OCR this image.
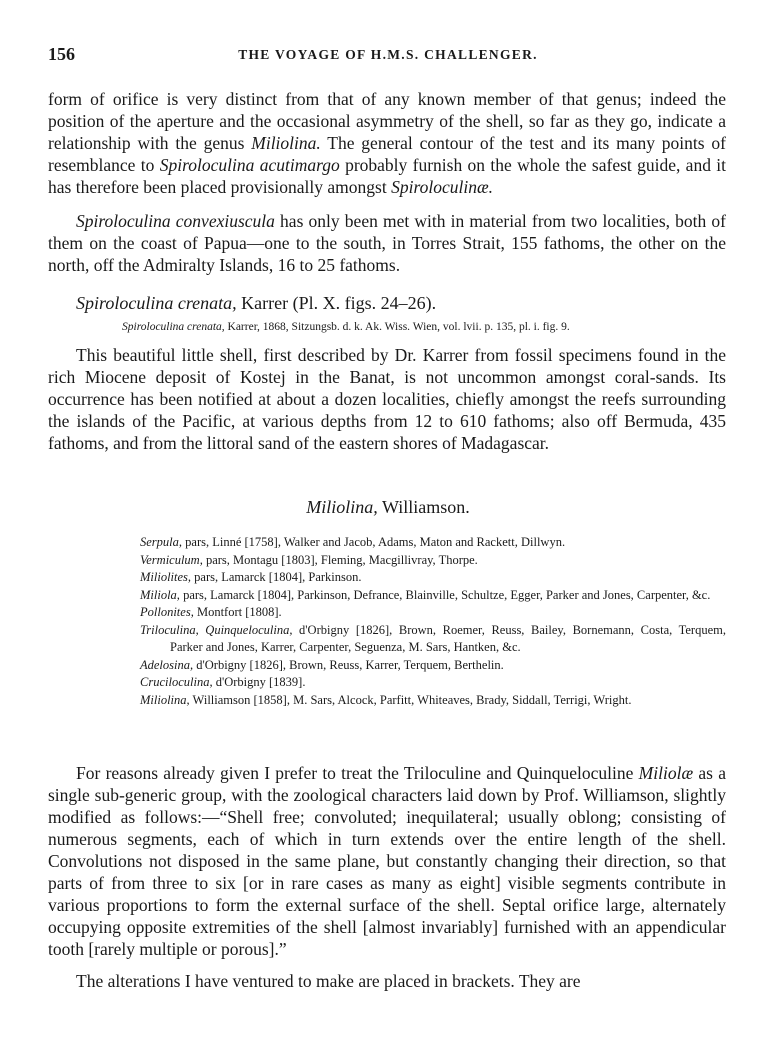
156	THE VOYAGE OF H.M.S. CHALLENGER.

form of orifice is very distinct from that of any known member of that genus; indeed the position of the aperture and the occasional asymmetry of the shell, so far as they go, indicate a relationship with the genus Miliolina. The general contour of the test and its many points of resemblance to Spiroloculina acutimargo probably furnish on the whole the safest guide, and it has therefore been placed provisionally amongst Spiroloculinæ.

Spiroloculina convexiuscula has only been met with in material from two localities, both of them on the coast of Papua—one to the south, in Torres Strait, 155 fathoms, the other on the north, off the Admiralty Islands, 16 to 25 fathoms.

Spiroloculina crenata, Karrer (Pl. X. figs. 24–26).

Spiroloculina crenata, Karrer, 1868, Sitzungsb. d. k. Ak. Wiss. Wien, vol. lvii. p. 135, pl. i. fig. 9.

This beautiful little shell, first described by Dr. Karrer from fossil specimens found in the rich Miocene deposit of Kostej in the Banat, is not uncommon amongst coral-sands. Its occurrence has been notified at about a dozen localities, chiefly amongst the reefs surrounding the islands of the Pacific, at various depths from 12 to 610 fathoms; also off Bermuda, 435 fathoms, and from the littoral sand of the eastern shores of Madagascar.

Miliolina, Williamson.

Serpula, pars, Linné [1758], Walker and Jacob, Adams, Maton and Rackett, Dillwyn.
Vermiculum, pars, Montagu [1803], Fleming, Macgillivray, Thorpe.
Miliolites, pars, Lamarck [1804], Parkinson.
Miliola, pars, Lamarck [1804], Parkinson, Defrance, Blainville, Schultze, Egger, Parker and Jones, Carpenter, &c.
Pollonites, Montfort [1808].
Triloculina, Quinqueloculina, d'Orbigny [1826], Brown, Roemer, Reuss, Bailey, Bornemann, Costa, Terquem, Parker and Jones, Karrer, Carpenter, Seguenza, M. Sars, Hantken, &c.
Adelosina, d'Orbigny [1826], Brown, Reuss, Karrer, Terquem, Berthelin.
Cruciloculina, d'Orbigny [1839].
Miliolina, Williamson [1858], M. Sars, Alcock, Parfitt, Whiteaves, Brady, Siddall, Terrigi, Wright.

For reasons already given I prefer to treat the Triloculine and Quinqueloculine Miliolæ as a single sub-generic group, with the zoological characters laid down by Prof. Williamson, slightly modified as follows:—“Shell free; convoluted; inequilateral; usually oblong; consisting of numerous segments, each of which in turn extends over the entire length of the shell. Convolutions not disposed in the same plane, but constantly changing their direction, so that parts of from three to six [or in rare cases as many as eight] visible segments contribute in various proportions to form the external surface of the shell. Septal orifice large, alternately occupying opposite extremities of the shell [almost invariably] furnished with an appendicular tooth [rarely multiple or porous].”

The alterations I have ventured to make are placed in brackets. They are
